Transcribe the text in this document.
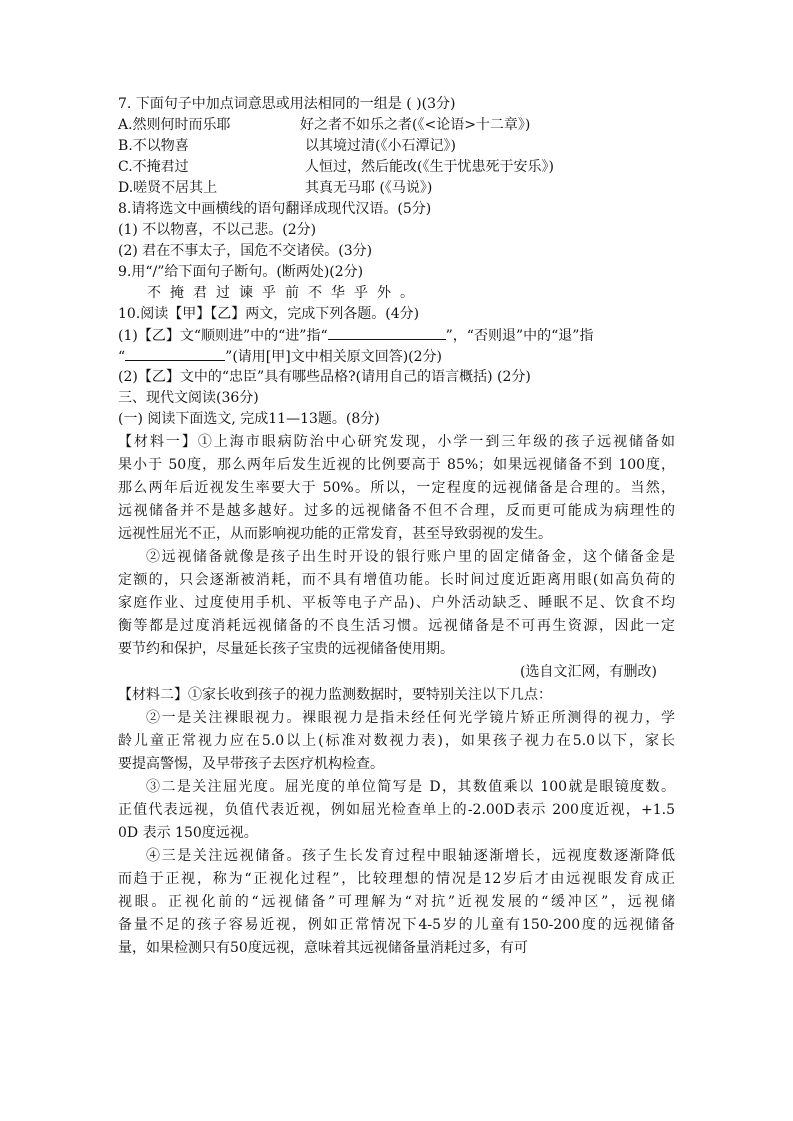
7. 下面句子中加点词意思或用法相同的一组是 ( )(3分)
A.然则何时而乐耶	好之者不如乐之者(《<论语>十二章》)
B.不以物喜	以其境过清(《小石潭记》)
C.不掩君过	人恒过，然后能改(《生于忧患死于安乐》)
D.嗟贤不居其上	其真无马耶 (《马说》)
8.请将选文中画横线的语句翻译成现代汉语。(5分)
(1) 不以物喜，不以己悲。(2分)
(2) 君在不事太子，国危不交诸侯。(3分)
9.用“/”给下面句子断句。(断两处)(2分)
不掩君过谏乎前不华乎外。
10.阅读【甲】【乙】两文，完成下列各题。(4分)
(1)【乙】文“顺则进”中的“进”指“	”，“否则退”中的“退”指
“	”(请用[甲]文中相关原文回答)(2分)
(2)【乙】文中的“忠臣”具有哪些品格?(请用自己的语言概括) (2分)
三、现代文阅读(36分)
(一) 阅读下面选文, 完成11—13题。(8分)
【材料一】①上海市眼病防治中心研究发现，小学一到三年级的孩子远视储备如
果小于 50度，那么两年后发生近视的比例要高于 85%；如果远视储备不到 100度，
那么两年后近视发生率要大于 50%。所以，一定程度的远视储备是合理的。当然，
远视储备并不是越多越好。过多的远视储备不但不合理，反而更可能成为病理性的
远视性屈光不正，从而影响视功能的正常发育，甚至导致弱视的发生。
②远视储备就像是孩子出生时开设的银行账户里的固定储备金，这个储备金是
定额的，只会逐渐被消耗，而不具有增值功能。长时间过度近距离用眼(如高负荷的
家庭作业、过度使用手机、平板等电子产品)、户外活动缺乏、睡眠不足、饮食不均
衡等都是过度消耗远视储备的不良生活习惯。远视储备是不可再生资源，因此一定
要节约和保护，尽量延长孩子宝贵的远视储备使用期。
(选自文汇网，有删改)
【材料二】①家长收到孩子的视力监测数据时，要特别关注以下几点：
②一是关注裸眼视力。裸眼视力是指未经任何光学镜片矫正所测得的视力，学
龄儿童正常视力应在5.0以上(标准对数视力表)，如果孩子视力在5.0以下，家长
要提高警惕，及早带孩子去医疗机构检查。
③二是关注屈光度。屈光度的单位简写是 D，其数值乘以 100就是眼镜度数。
正值代表远视，负值代表近视，例如屈光检查单上的-2.00D表示 200度近视，+1.5
0D 表示 150度远视。
④三是关注远视储备。孩子生长发育过程中眼轴逐渐增长，远视度数逐渐降低
而趋于正视，称为“正视化过程”，比较理想的情况是12岁后才由远视眼发育成正
视眼。正视化前的“远视储备”可理解为“对抗”近视发展的“缓冲区”，远视储
备量不足的孩子容易近视，例如正常情况下4-5岁的儿童有150-200度的远视储备
量，如果检测只有50度远视，意味着其远视储备量消耗过多，有可
